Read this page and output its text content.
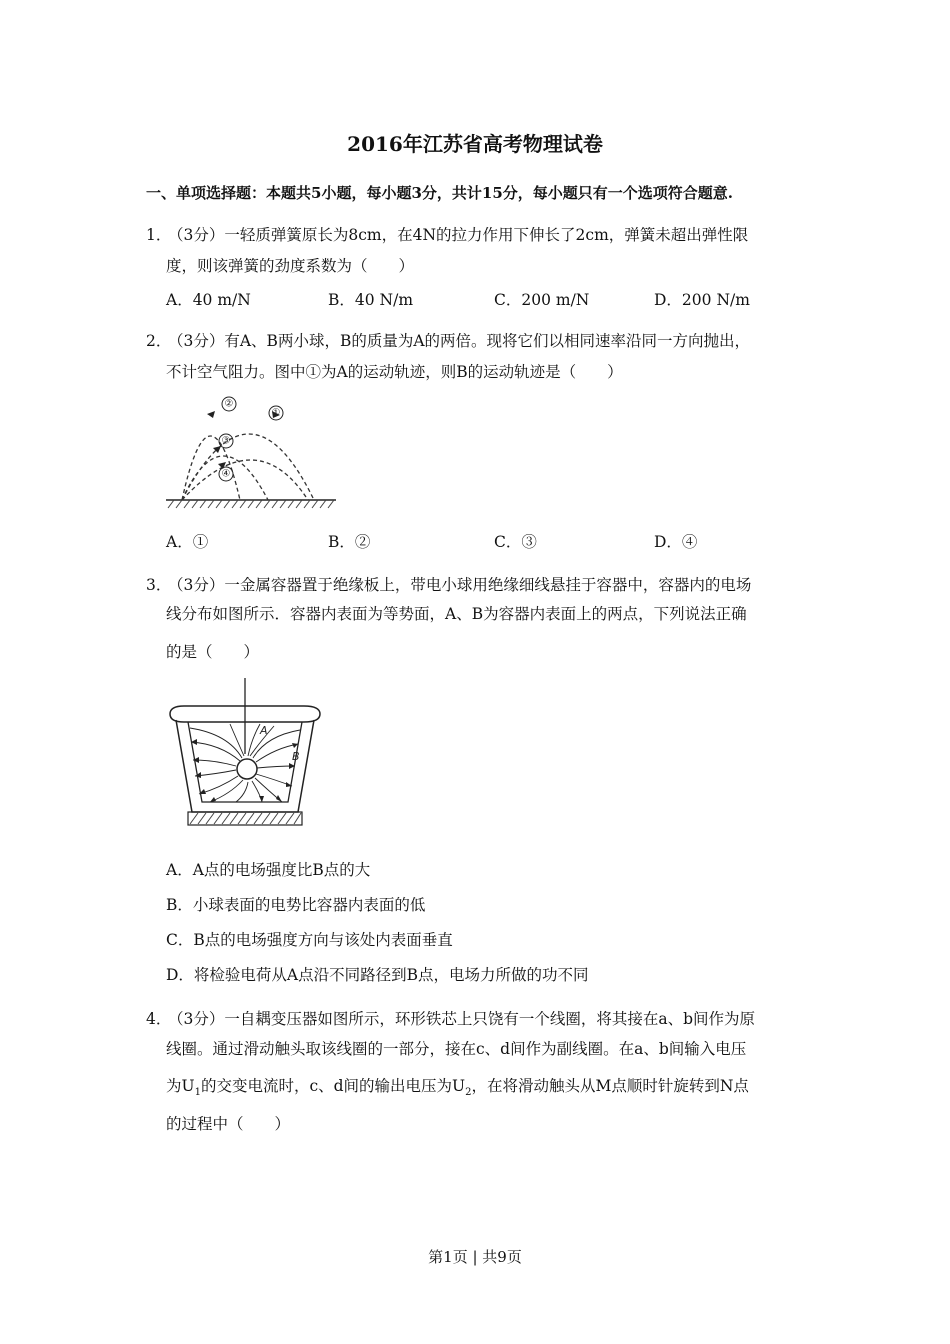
2016年江苏省高考物理试卷
一、单项选择题：本题共5小题，每小题3分，共计15分，每小题只有一个选项符合题意.
1．（3分）一轻质弹簧原长为8cm，在4N的拉力作用下伸长了2cm，弹簧未超出弹性限
度，则该弹簧的劲度系数为（　　）
A．40 m/N	B．40 N/m	C．200 m/N	D．200 N/m
2．（3分）有A、B两小球，B的质量为A的两倍。现将它们以相同速率沿同一方向抛出，
不计空气阻力。图中①为A的运动轨迹，则B的运动轨迹是（　　）
②
①
③
④
A．①	B．②	C．③	D．④
3．（3分）一金属容器置于绝缘板上，带电小球用绝缘细线悬挂于容器中，容器内的电场
线分布如图所示．容器内表面为等势面，A、B为容器内表面上的两点，下列说法正确
的是（　　）
A
B
A．A点的电场强度比B点的大
B．小球表面的电势比容器内表面的低
C．B点的电场强度方向与该处内表面垂直
D．将检验电荷从A点沿不同路径到B点，电场力所做的功不同
4．（3分）一自耦变压器如图所示，环形铁芯上只饶有一个线圈，将其接在a、b间作为原
线圈。通过滑动触头取该线圈的一部分，接在c、d间作为副线圈。在a、b间输入电压
为$U_1$的交变电流时，c、d间的输出电压为$U_2$，在将滑动触头从M点顺时针旋转到N点
的过程中（　　）
第1页 | 共9页
